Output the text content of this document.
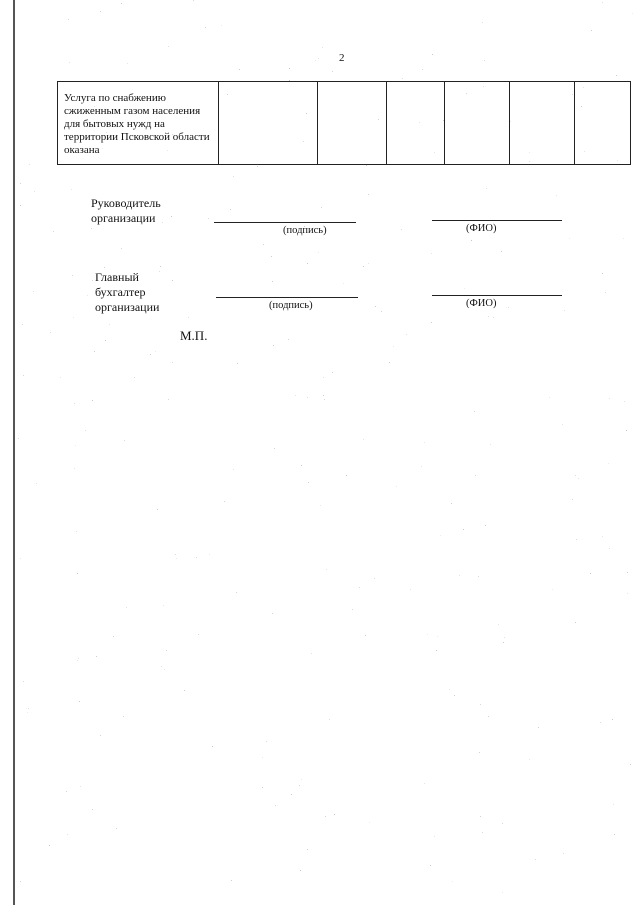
2
Услуга по снабжению сжиженным газом населения для бытовых нужд на территории Псковской области оказана						
Руководитель
организации
(подпись)	(ФИО)
Главный
бухгалтер
организации	(подпись)	(ФИО)
М.П.
